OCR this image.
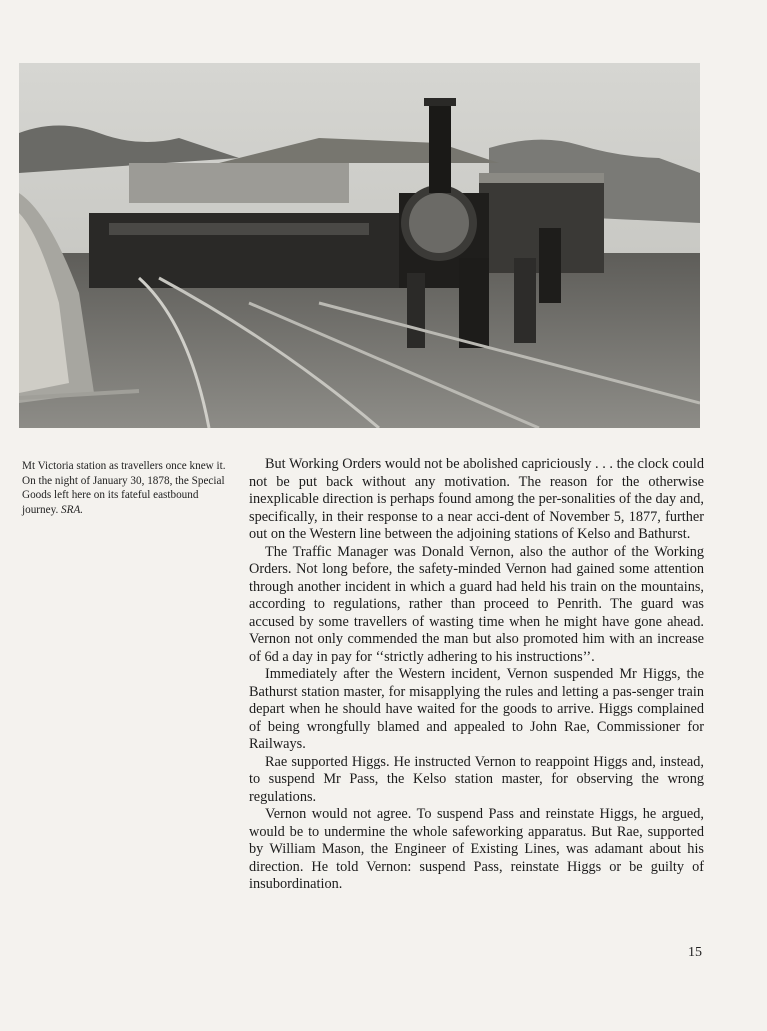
Mt Victoria station as travellers once knew it. On the night of January 30, 1878, the Special Goods left here on its fateful eastbound journey. SRA.

But Working Orders would not be abolished capriciously . . . the clock could not be put back without any motivation. The reason for the otherwise inexplicable direction is perhaps found among the per-sonalities of the day and, specifically, in their response to a near acci-dent of November 5, 1877, further out on the Western line between the adjoining stations of Kelso and Bathurst.

The Traffic Manager was Donald Vernon, also the author of the Working Orders. Not long before, the safety-minded Vernon had gained some attention through another incident in which a guard had held his train on the mountains, according to regulations, rather than proceed to Penrith. The guard was accused by some travellers of wasting time when he might have gone ahead. Vernon not only commended the man but also promoted him with an increase of 6d a day in pay for ‘‘strictly adhering to his instructions’’.

Immediately after the Western incident, Vernon suspended Mr Higgs, the Bathurst station master, for misapplying the rules and letting a pas-senger train depart when he should have waited for the goods to arrive. Higgs complained of being wrongfully blamed and appealed to John Rae, Commissioner for Railways.

Rae supported Higgs. He instructed Vernon to reappoint Higgs and, instead, to suspend Mr Pass, the Kelso station master, for observing the wrong regulations.

Vernon would not agree. To suspend Pass and reinstate Higgs, he argued, would be to undermine the whole safeworking apparatus. But Rae, supported by William Mason, the Engineer of Existing Lines, was adamant about his direction. He told Vernon: suspend Pass, reinstate Higgs or be guilty of insubordination.

15
